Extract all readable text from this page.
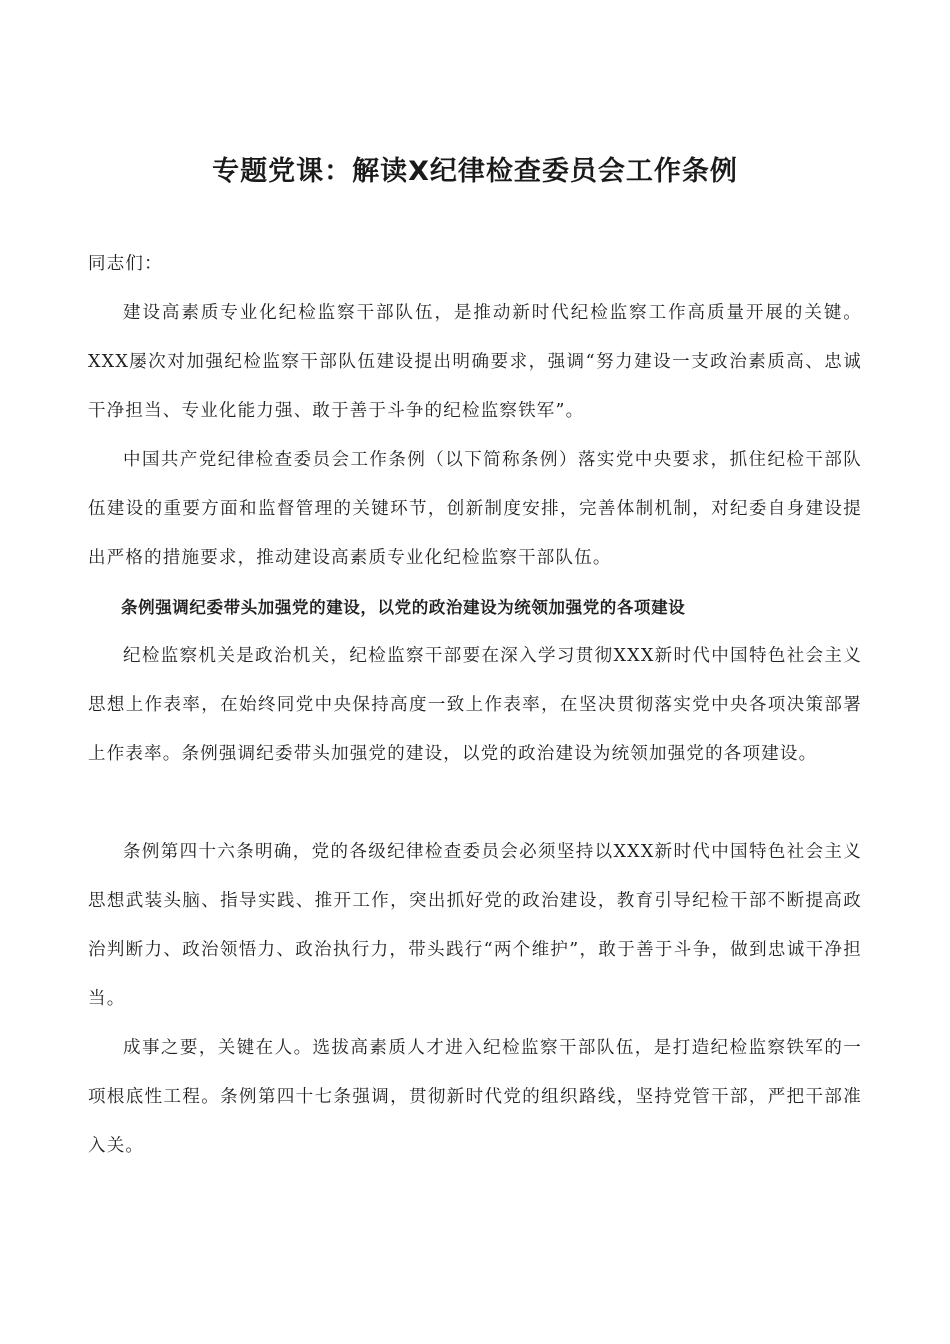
专题党课：解读X纪律检查委员会工作条例

同志们：

建设高素质专业化纪检监察干部队伍，是推动新时代纪检监察工作高质量开展的关键。XXX屡次对加强纪检监察干部队伍建设提出明确要求，强调“努力建设一支政治素质高、忠诚干净担当、专业化能力强、敢于善于斗争的纪检监察铁军”。

中国共产党纪律检查委员会工作条例（以下简称条例）落实党中央要求，抓住纪检干部队伍建设的重要方面和监督管理的关键环节，创新制度安排，完善体制机制，对纪委自身建设提出严格的措施要求，推动建设高素质专业化纪检监察干部队伍。

条例强调纪委带头加强党的建设，以党的政治建设为统领加强党的各项建设

纪检监察机关是政治机关，纪检监察干部要在深入学习贯彻XXX新时代中国特色社会主义思想上作表率，在始终同党中央保持高度一致上作表率，在坚决贯彻落实党中央各项决策部署上作表率。条例强调纪委带头加强党的建设，以党的政治建设为统领加强党的各项建设。

条例第四十六条明确，党的各级纪律检查委员会必须坚持以XXX新时代中国特色社会主义思想武装头脑、指导实践、推开工作，突出抓好党的政治建设，教育引导纪检干部不断提高政治判断力、政治领悟力、政治执行力，带头践行“两个维护”，敢于善于斗争，做到忠诚干净担当。

成事之要，关键在人。选拔高素质人才进入纪检监察干部队伍，是打造纪检监察铁军的一项根底性工程。条例第四十七条强调，贯彻新时代党的组织路线，坚持党管干部，严把干部准入关。
